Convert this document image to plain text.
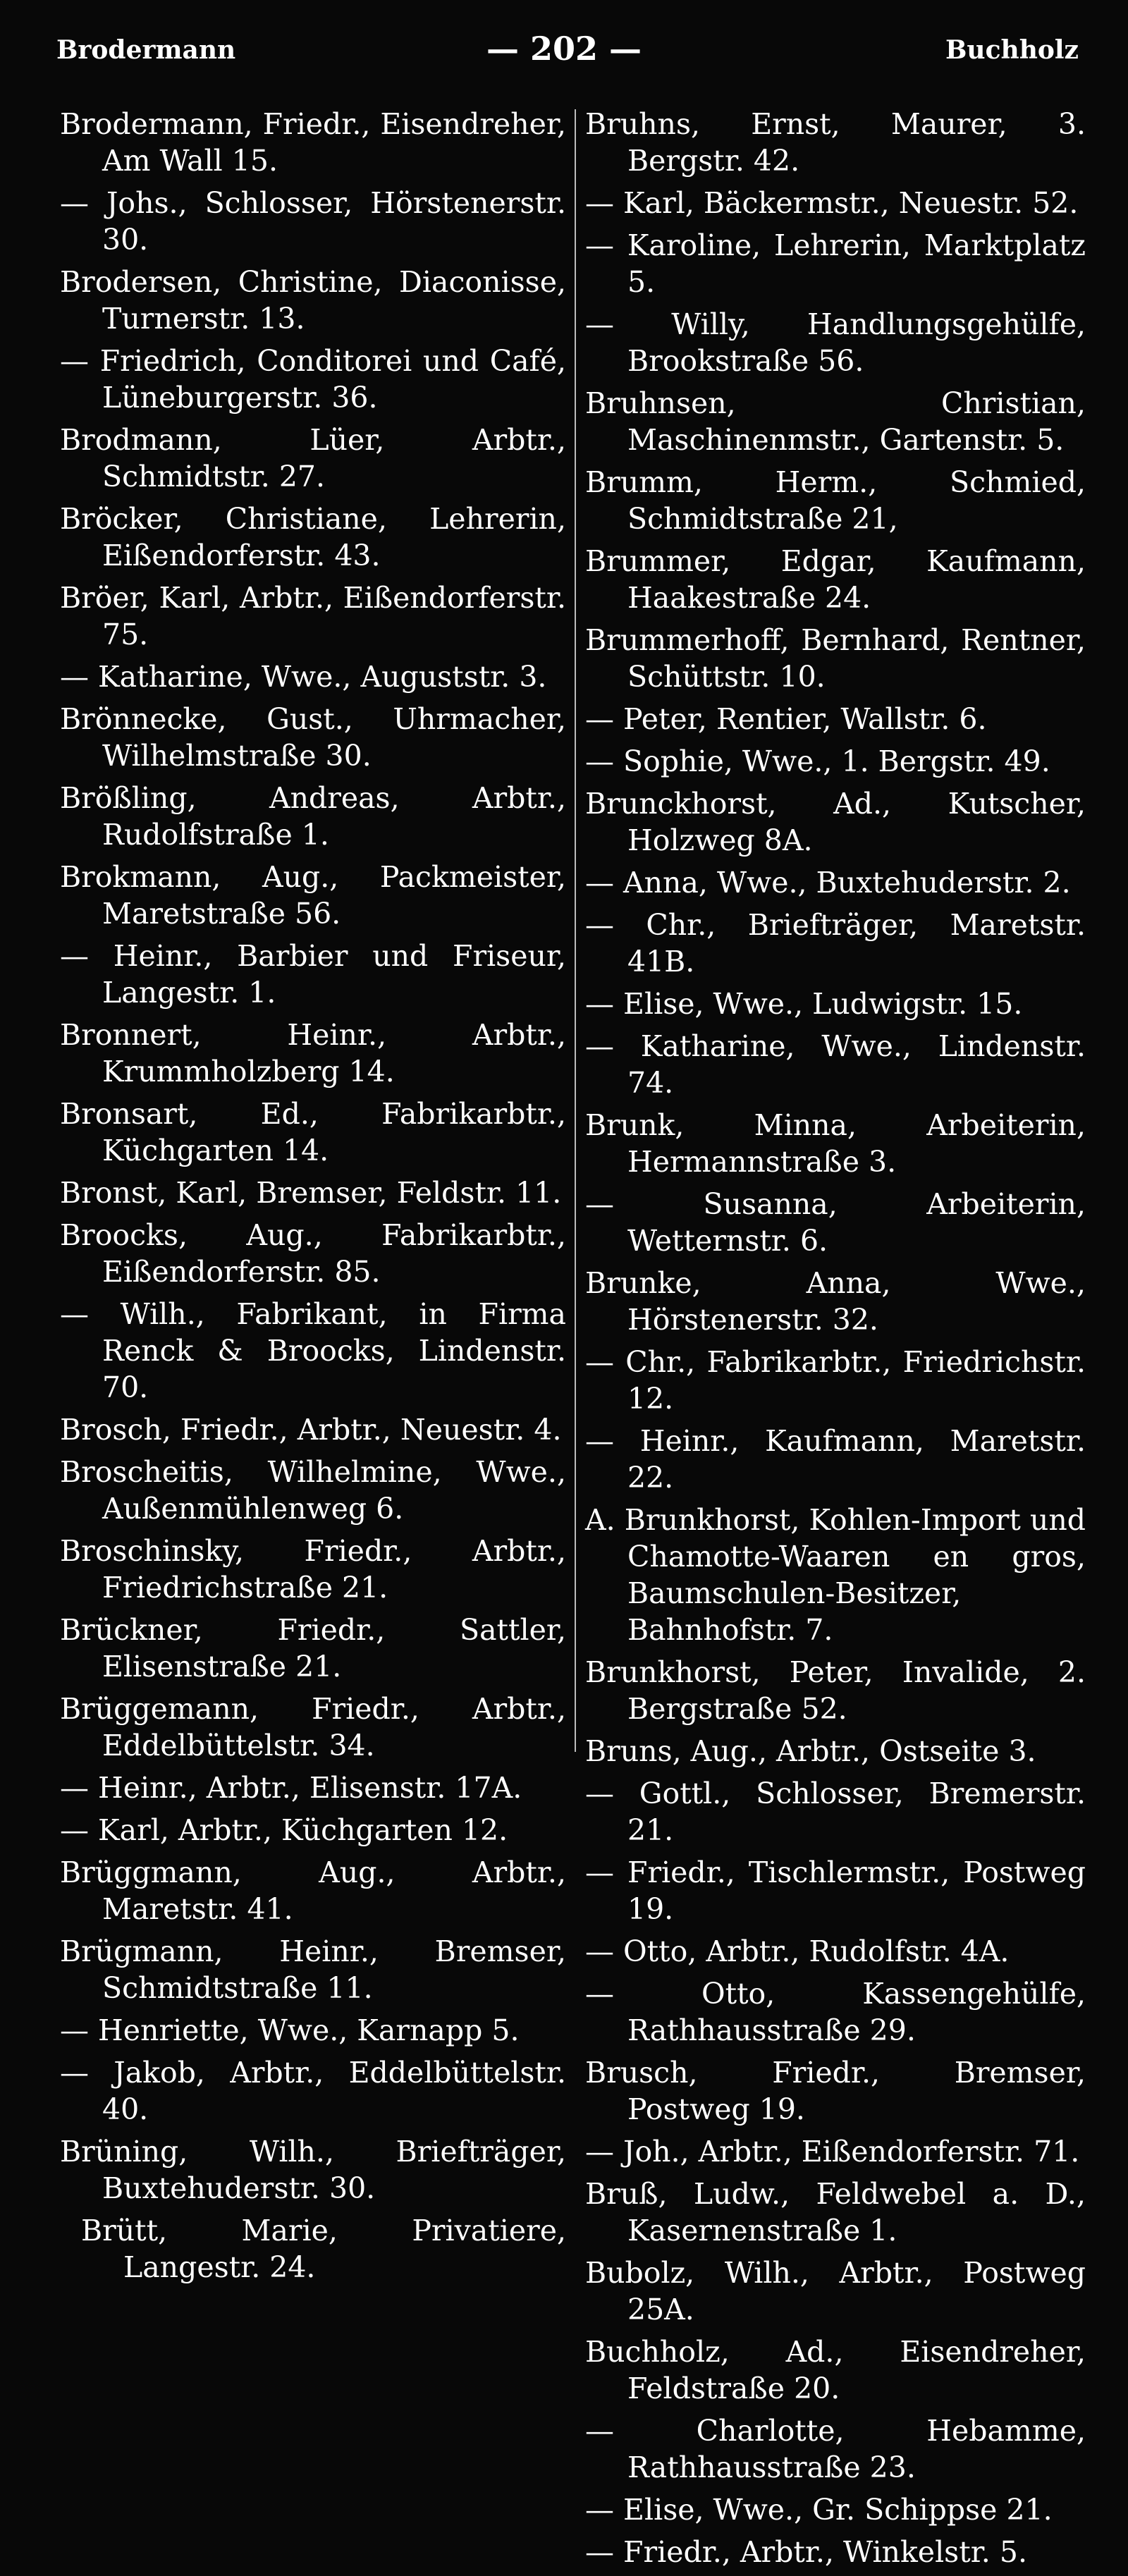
Brodermann	— 202 —	Buchholz
Brodermann, Friedr., Eisendreher, Am Wall 15.
— Johs., Schlosser, Hörstenerstr. 30.
Brodersen, Christine, Diaconisse, Turnerstr. 13.
— Friedrich, Conditorei und Café, Lüneburgerstr. 36.
Brodmann, Lüer, Arbtr., Schmidtstr. 27.
Bröcker, Christiane, Lehrerin, Eißendorferstr. 43.
Bröer, Karl, Arbtr., Eißendorferstr. 75.
— Katharine, Wwe., Auguststr. 3.
Brönnecke, Gust., Uhrmacher, Wilhelmstraße 30.
Brößling, Andreas, Arbtr., Rudolfstraße 1.
Brokmann, Aug., Packmeister, Maretstraße 56.
— Heinr., Barbier und Friseur, Langestr. 1.
Bronnert, Heinr., Arbtr., Krummholzberg 14.
Bronsart, Ed., Fabrikarbtr., Küchgarten 14.
Bronst, Karl, Bremser, Feldstr. 11.
Broocks, Aug., Fabrikarbtr., Eißendorferstr. 85.
— Wilh., Fabrikant, in Firma Renck & Broocks, Lindenstr. 70.
Brosch, Friedr., Arbtr., Neuestr. 4.
Broscheitis, Wilhelmine, Wwe., Außenmühlenweg 6.
Broschinsky, Friedr., Arbtr., Friedrichstraße 21.
Brückner, Friedr., Sattler, Elisenstraße 21.
Brüggemann, Friedr., Arbtr., Eddelbüttelstr. 34.
— Heinr., Arbtr., Elisenstr. 17A.
— Karl, Arbtr., Küchgarten 12.
Brüggmann, Aug., Arbtr., Maretstr. 41.
Brügmann, Heinr., Bremser, Schmidtstraße 11.
— Henriette, Wwe., Karnapp 5.
— Jakob, Arbtr., Eddelbüttelstr. 40.
Brüning, Wilh., Briefträger, Buxtehuderstr. 30.
Brütt, Marie, Privatiere, Langestr. 24.
Bruhns, Ernst, Maurer, 3. Bergstr. 42.
— Karl, Bäckermstr., Neuestr. 52.
— Karoline, Lehrerin, Marktplatz 5.
— Willy, Handlungsgehülfe, Brookstraße 56.
Bruhnsen, Christian, Maschinenmstr., Gartenstr. 5.
Brumm, Herm., Schmied, Schmidtstraße 21,
Brummer, Edgar, Kaufmann, Haakestraße 24.
Brummerhoff, Bernhard, Rentner, Schüttstr. 10.
— Peter, Rentier, Wallstr. 6.
— Sophie, Wwe., 1. Bergstr. 49.
Brunckhorst, Ad., Kutscher, Holzweg 8A.
— Anna, Wwe., Buxtehuderstr. 2.
— Chr., Briefträger, Maretstr. 41B.
— Elise, Wwe., Ludwigstr. 15.
— Katharine, Wwe., Lindenstr. 74.
Brunk, Minna, Arbeiterin, Hermannstraße 3.
— Susanna, Arbeiterin, Wetternstr. 6.
Brunke, Anna, Wwe., Hörstenerstr. 32.
— Chr., Fabrikarbtr., Friedrichstr. 12.
— Heinr., Kaufmann, Maretstr. 22.
A. Brunkhorst, Kohlen-Import und Chamotte-Waaren en gros, Baumschulen-Besitzer, Bahnhofstr. 7.
Brunkhorst, Peter, Invalide, 2. Bergstraße 52.
Bruns, Aug., Arbtr., Ostseite 3.
— Gottl., Schlosser, Bremerstr. 21.
— Friedr., Tischlermstr., Postweg 19.
— Otto, Arbtr., Rudolfstr. 4A.
— Otto, Kassengehülfe, Rathhausstraße 29.
Brusch, Friedr., Bremser, Postweg 19.
— Joh., Arbtr., Eißendorferstr. 71.
Bruß, Ludw., Feldwebel a. D., Kasernenstraße 1.
Bubolz, Wilh., Arbtr., Postweg 25A.
Buchholz, Ad., Eisendreher, Feldstraße 20.
— Charlotte, Hebamme, Rathhausstraße 23.
— Elise, Wwe., Gr. Schippse 21.
— Friedr., Arbtr., Winkelstr. 5.
